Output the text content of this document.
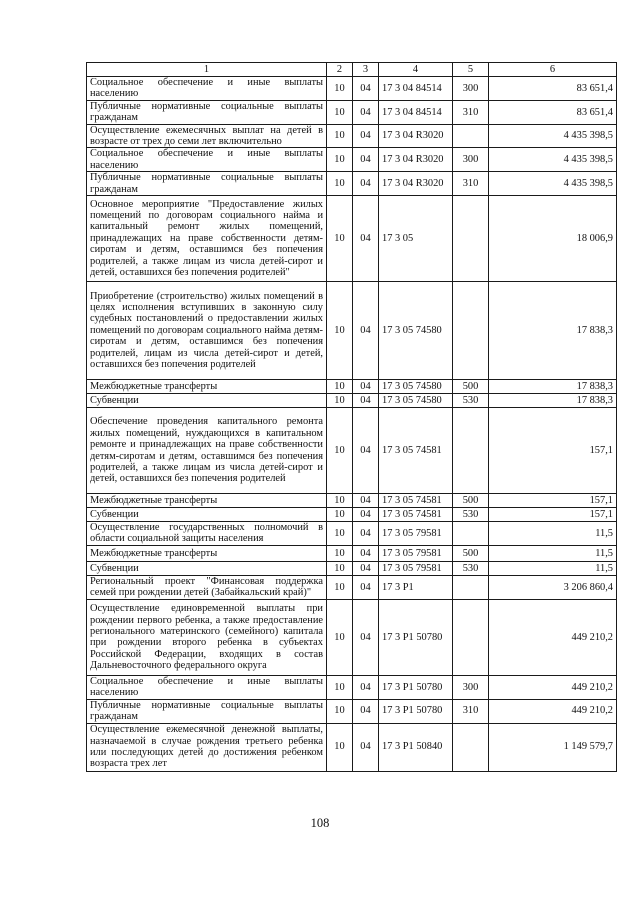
1	2	3	4	5	6
Социальное обеспечение и иные выплаты населению	10	04	17 3 04 84514	300	83 651,4
Публичные нормативные социальные выплаты гражданам	10	04	17 3 04 84514	310	83 651,4
Осуществление ежемесячных выплат на детей в возрасте от трех до семи лет включительно	10	04	17 3 04 R3020		4 435 398,5
Социальное обеспечение и иные выплаты населению	10	04	17 3 04 R3020	300	4 435 398,5
Публичные нормативные социальные выплаты гражданам	10	04	17 3 04 R3020	310	4 435 398,5
Основное мероприятие "Предоставление жилых помещений по договорам социального найма и капитальный ремонт жилых помещений, принадлежащих на праве собственности детям-сиротам и детям, оставшимся без попечения родителей, а также лицам из числа детей-сирот и детей, оставшихся без попечения родителей"	10	04	17 3 05		18 006,9
Приобретение (строительство) жилых помещений в целях исполнения вступивших в законную силу судебных постановлений о предоставлении жилых помещений по договорам социального найма детям-сиротам и детям, оставшимся без попечения родителей, лицам из числа детей-сирот и детей, оставшихся без попечения родителей	10	04	17 3 05 74580		17 838,3
Межбюджетные трансферты	10	04	17 3 05 74580	500	17 838,3
Субвенции	10	04	17 3 05 74580	530	17 838,3
Обеспечение проведения капитального ремонта жилых помещений, нуждающихся в капитальном ремонте и принадлежащих на праве собственности детям-сиротам и детям, оставшимся без попечения родителей, а также лицам из числа детей-сирот и детей, оставшихся без попечения родителей	10	04	17 3 05 74581		157,1
Межбюджетные трансферты	10	04	17 3 05 74581	500	157,1
Субвенции	10	04	17 3 05 74581	530	157,1
Осуществление государственных полномочий в области социальной защиты населения	10	04	17 3 05 79581		11,5
Межбюджетные трансферты	10	04	17 3 05 79581	500	11,5
Субвенции	10	04	17 3 05 79581	530	11,5
Региональный проект "Финансовая поддержка семей при рождении детей (Забайкальский край)"	10	04	17 3 P1		3 206 860,4
Осуществление единовременной выплаты при рождении первого ребенка, а также предоставление регионального материнского (семейного) капитала при рождении второго ребенка в субъектах Российской Федерации, входящих в состав Дальневосточного федерального округа	10	04	17 3 P1 50780		449 210,2
Социальное обеспечение и иные выплаты населению	10	04	17 3 P1 50780	300	449 210,2
Публичные нормативные социальные выплаты гражданам	10	04	17 3 P1 50780	310	449 210,2
Осуществление ежемесячной денежной выплаты, назначаемой в случае рождения третьего ребенка или последующих детей до достижения ребенком возраста трех лет	10	04	17 3 P1 50840		1 149 579,7
108
